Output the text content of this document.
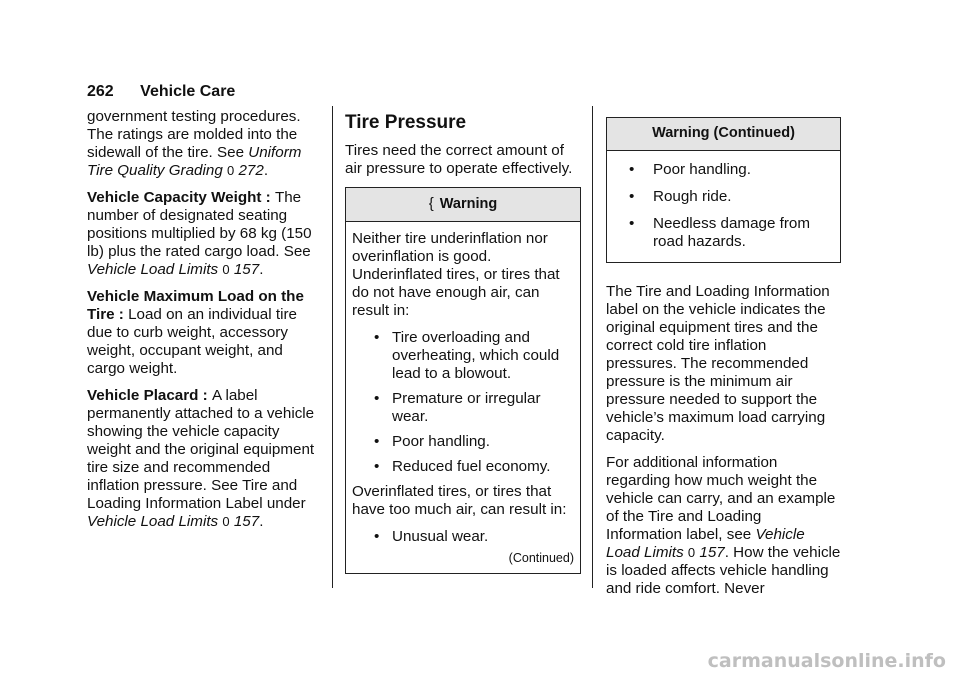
262 Vehicle Care

government testing procedures. The ratings are molded into the sidewall of the tire. See Uniform Tire Quality Grading 0 272.

Vehicle Capacity Weight : The number of designated seating positions multiplied by 68 kg (150 lb) plus the rated cargo load. See Vehicle Load Limits 0 157.

Vehicle Maximum Load on the Tire : Load on an individual tire due to curb weight, accessory weight, occupant weight, and cargo weight.

Vehicle Placard : A label permanently attached to a vehicle showing the vehicle capacity weight and the original equipment tire size and recommended inflation pressure. See Tire and Loading Information Label under Vehicle Load Limits 0 157.

Tire Pressure

Tires need the correct amount of air pressure to operate effectively.

{ Warning

Neither tire underinflation nor overinflation is good. Underinflated tires, or tires that do not have enough air, can result in:

• Tire overloading and overheating, which could lead to a blowout.
• Premature or irregular wear.
• Poor handling.
• Reduced fuel economy.

Overinflated tires, or tires that have too much air, can result in:

• Unusual wear.
(Continued)
Warning (Continued)
• Poor handling.
• Rough ride.
• Needless damage from road hazards.

The Tire and Loading Information label on the vehicle indicates the original equipment tires and the correct cold tire inflation pressures. The recommended pressure is the minimum air pressure needed to support the vehicle’s maximum load carrying capacity.

For additional information regarding how much weight the vehicle can carry, and an example of the Tire and Loading Information label, see Vehicle Load Limits 0 157. How the vehicle is loaded affects vehicle handling and ride comfort. Never

carmanualsonline.info
